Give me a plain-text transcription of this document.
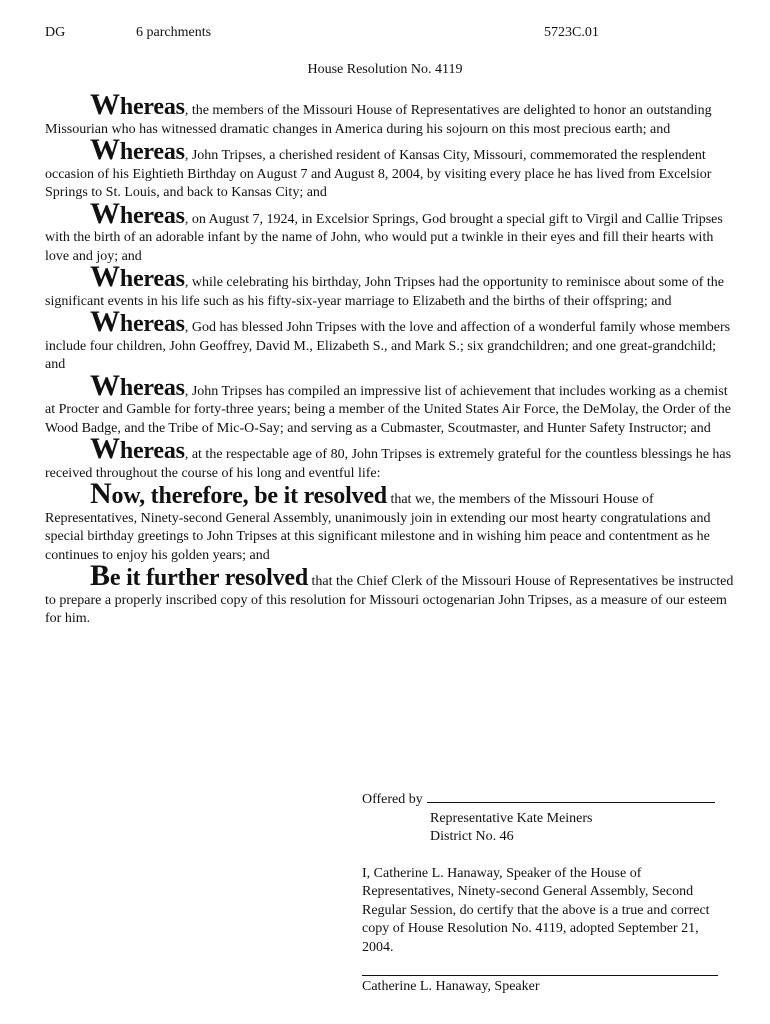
DG	6 parchments	5723C.01
House Resolution No. 4119

Whereas, the members of the Missouri House of Representatives are delighted to honor an outstanding Missourian who has witnessed dramatic changes in America during his sojourn on this most precious earth; and

Whereas, John Tripses, a cherished resident of Kansas City, Missouri, commemorated the resplendent occasion of his Eightieth Birthday on August 7 and August 8, 2004, by visiting every place he has lived from Excelsior Springs to St. Louis, and back to Kansas City; and

Whereas, on August 7, 1924, in Excelsior Springs, God brought a special gift to Virgil and Callie Tripses with the birth of an adorable infant by the name of John, who would put a twinkle in their eyes and fill their hearts with love and joy; and

Whereas, while celebrating his birthday, John Tripses had the opportunity to reminisce about some of the significant events in his life such as his fifty-six-year marriage to Elizabeth and the births of their offspring; and

Whereas, God has blessed John Tripses with the love and affection of a wonderful family whose members include four children, John Geoffrey, David M., Elizabeth S., and Mark S.; six grandchildren; and one great-grandchild; and

Whereas, John Tripses has compiled an impressive list of achievement that includes working as a chemist at Procter and Gamble for forty-three years; being a member of the United States Air Force, the DeMolay, the Order of the Wood Badge, and the Tribe of Mic-O-Say; and serving as a Cubmaster, Scoutmaster, and Hunter Safety Instructor; and

Whereas, at the respectable age of 80, John Tripses is extremely grateful for the countless blessings he has received throughout the course of his long and eventful life:

Now, therefore, be it resolved that we, the members of the Missouri House of Representatives, Ninety-second General Assembly, unanimously join in extending our most hearty congratulations and special birthday greetings to John Tripses at this significant milestone and in wishing him peace and contentment as he continues to enjoy his golden years; and

Be it further resolved that the Chief Clerk of the Missouri House of Representatives be instructed to prepare a properly inscribed copy of this resolution for Missouri octogenarian John Tripses, as a measure of our esteem for him.

Offered by
Representative Kate Meiners
District No. 46
I, Catherine L. Hanaway, Speaker of the House of Representatives, Ninety-second General Assembly, Second Regular Session, do certify that the above is a true and correct copy of House Resolution No. 4119, adopted September 21, 2004.
Catherine L. Hanaway, Speaker
